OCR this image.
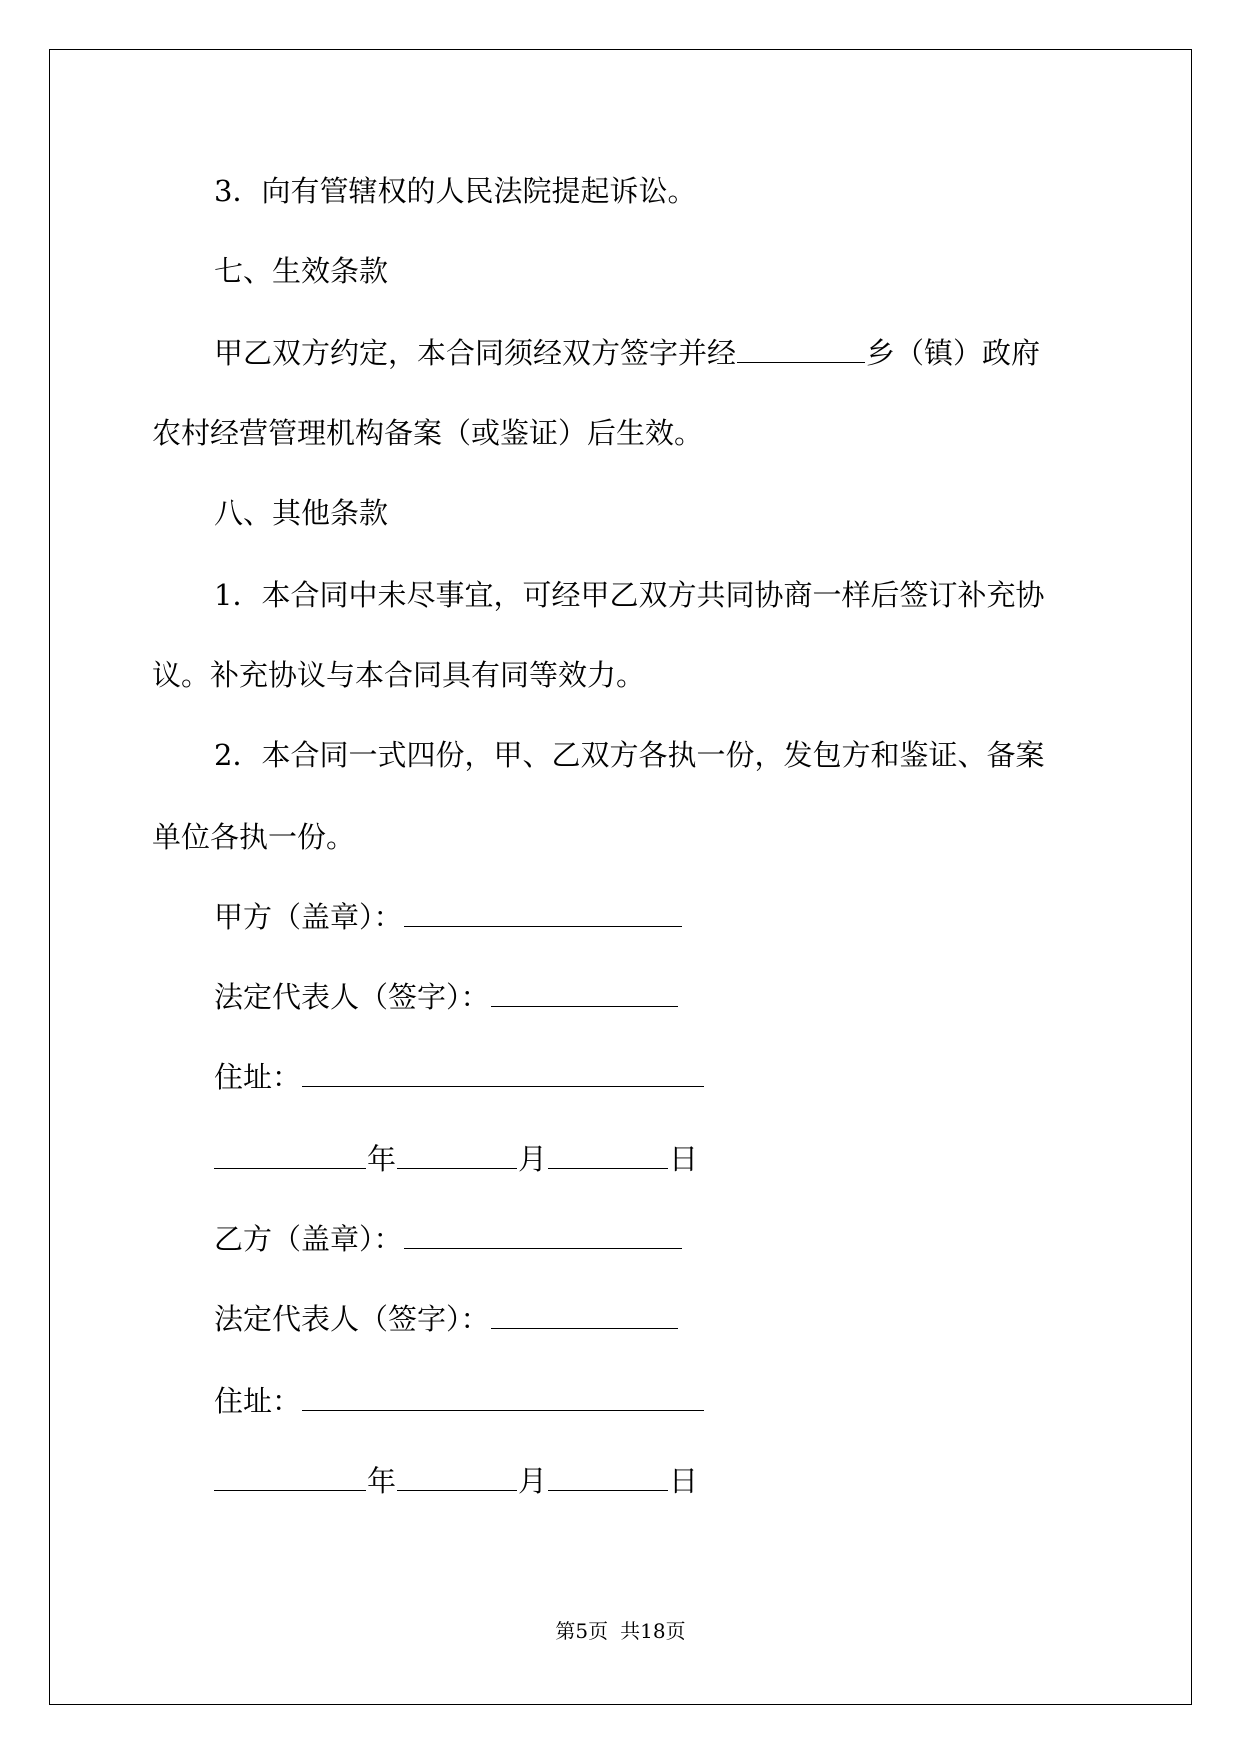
3．向有管辖权的人民法院提起诉讼。
七、生效条款
甲乙双方约定，本合同须经双方签字并经	乡（镇）政府
农村经营管理机构备案（或鉴证）后生效。
八、其他条款
1．本合同中未尽事宜，可经甲乙双方共同协商一样后签订补充协
议。补充协议与本合同具有同等效力。
2．本合同一式四份，甲、乙双方各执一份，发包方和鉴证、备案
单位各执一份。
甲方（盖章）：
法定代表人（签字）：
住址：
年	月	日
乙方（盖章）：
法定代表人（签字）：
住址：
年	月	日
第5页 共18页
